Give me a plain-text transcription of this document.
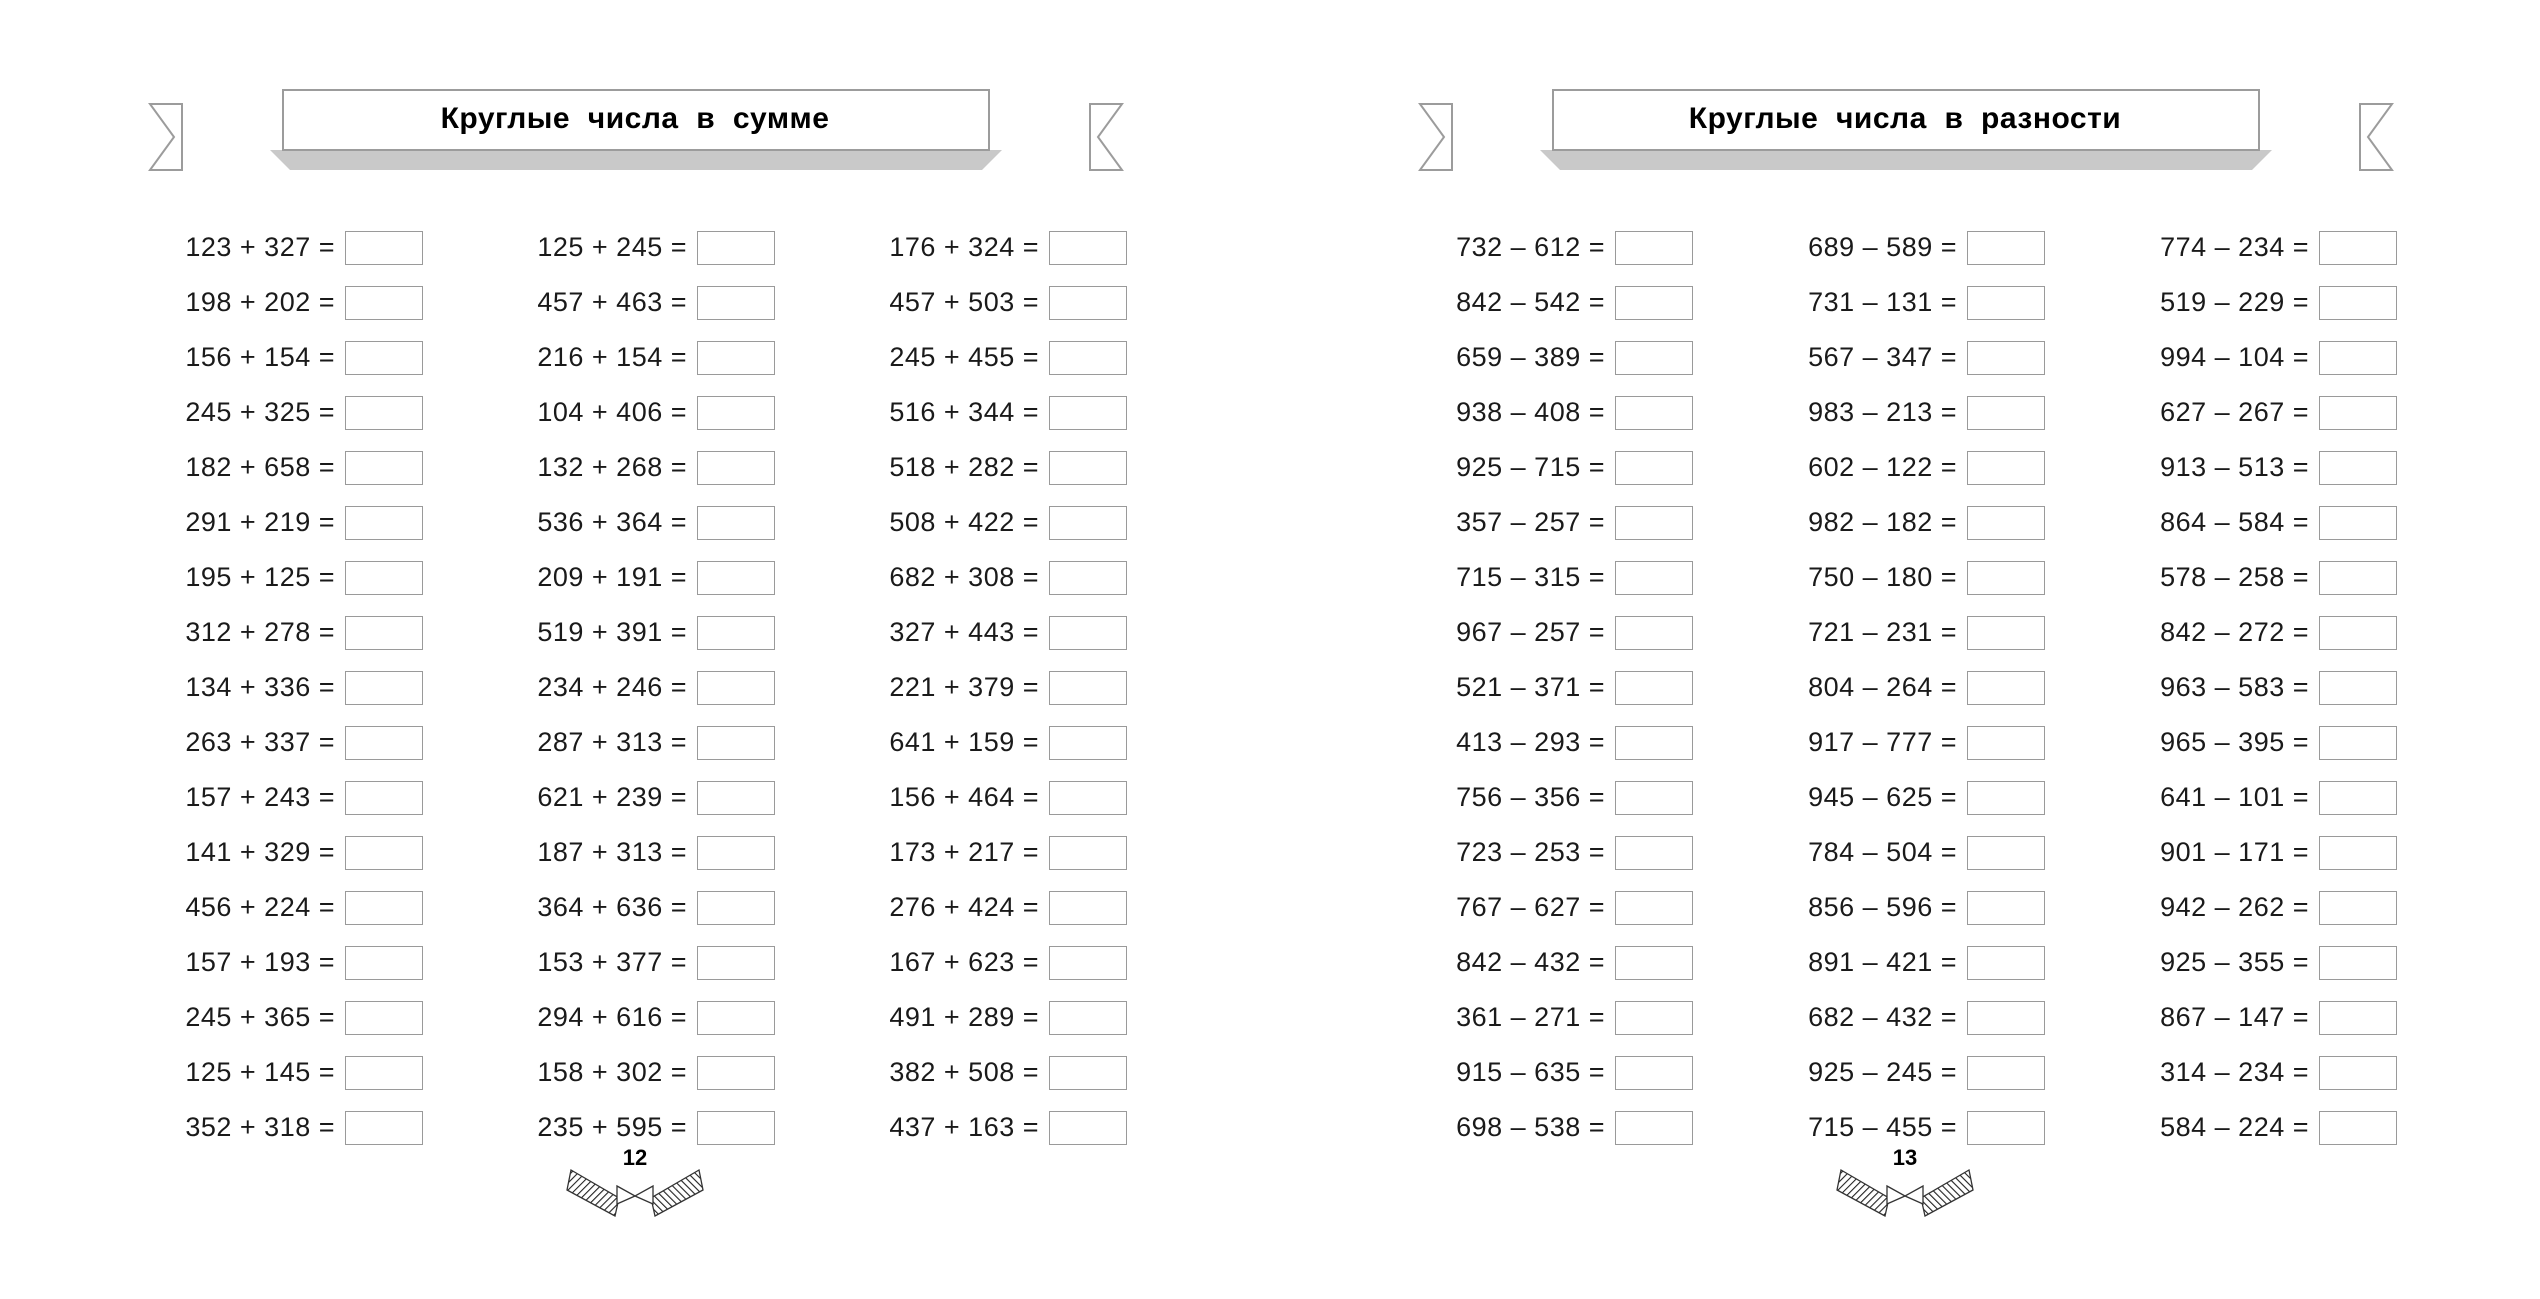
Круглые  числа  в  сумме
123 + 327 =
198 + 202 =
156 + 154 =
245 + 325 =
182 + 658 =
291 + 219 =
195 + 125 =
312 + 278 =
134 + 336 =
263 + 337 =
157 + 243 =
141 + 329 =
456 + 224 =
157 + 193 =
245 + 365 =
125 + 145 =
352 + 318 =
125 + 245 =
457 + 463 =
216 + 154 =
104 + 406 =
132 + 268 =
536 + 364 =
209 + 191 =
519 + 391 =
234 + 246 =
287 + 313 =
621 + 239 =
187 + 313 =
364 + 636 =
153 + 377 =
294 + 616 =
158 + 302 =
235 + 595 =
176 + 324 =
457 + 503 =
245 + 455 =
516 + 344 =
518 + 282 =
508 + 422 =
682 + 308 =
327 + 443 =
221 + 379 =
641 + 159 =
156 + 464 =
173 + 217 =
276 + 424 =
167 + 623 =
491 + 289 =
382 + 508 =
437 + 163 =
12
Круглые  числа  в  разности
732 – 612 =
842 – 542 =
659 – 389 =
938 – 408 =
925 – 715 =
357 – 257 =
715 – 315 =
967 – 257 =
521 – 371 =
413 – 293 =
756 – 356 =
723 – 253 =
767 – 627 =
842 – 432 =
361 – 271 =
915 – 635 =
698 – 538 =
689 – 589 =
731 – 131 =
567 – 347 =
983 – 213 =
602 – 122 =
982 – 182 =
750 – 180 =
721 – 231 =
804 – 264 =
917 – 777 =
945 – 625 =
784 – 504 =
856 – 596 =
891 – 421 =
682 – 432 =
925 – 245 =
715 – 455 =
774 – 234 =
519 – 229 =
994 – 104 =
627 – 267 =
913 – 513 =
864 – 584 =
578 – 258 =
842 – 272 =
963 – 583 =
965 – 395 =
641 – 101 =
901 – 171 =
942 – 262 =
925 – 355 =
867 – 147 =
314 – 234 =
584 – 224 =
13
